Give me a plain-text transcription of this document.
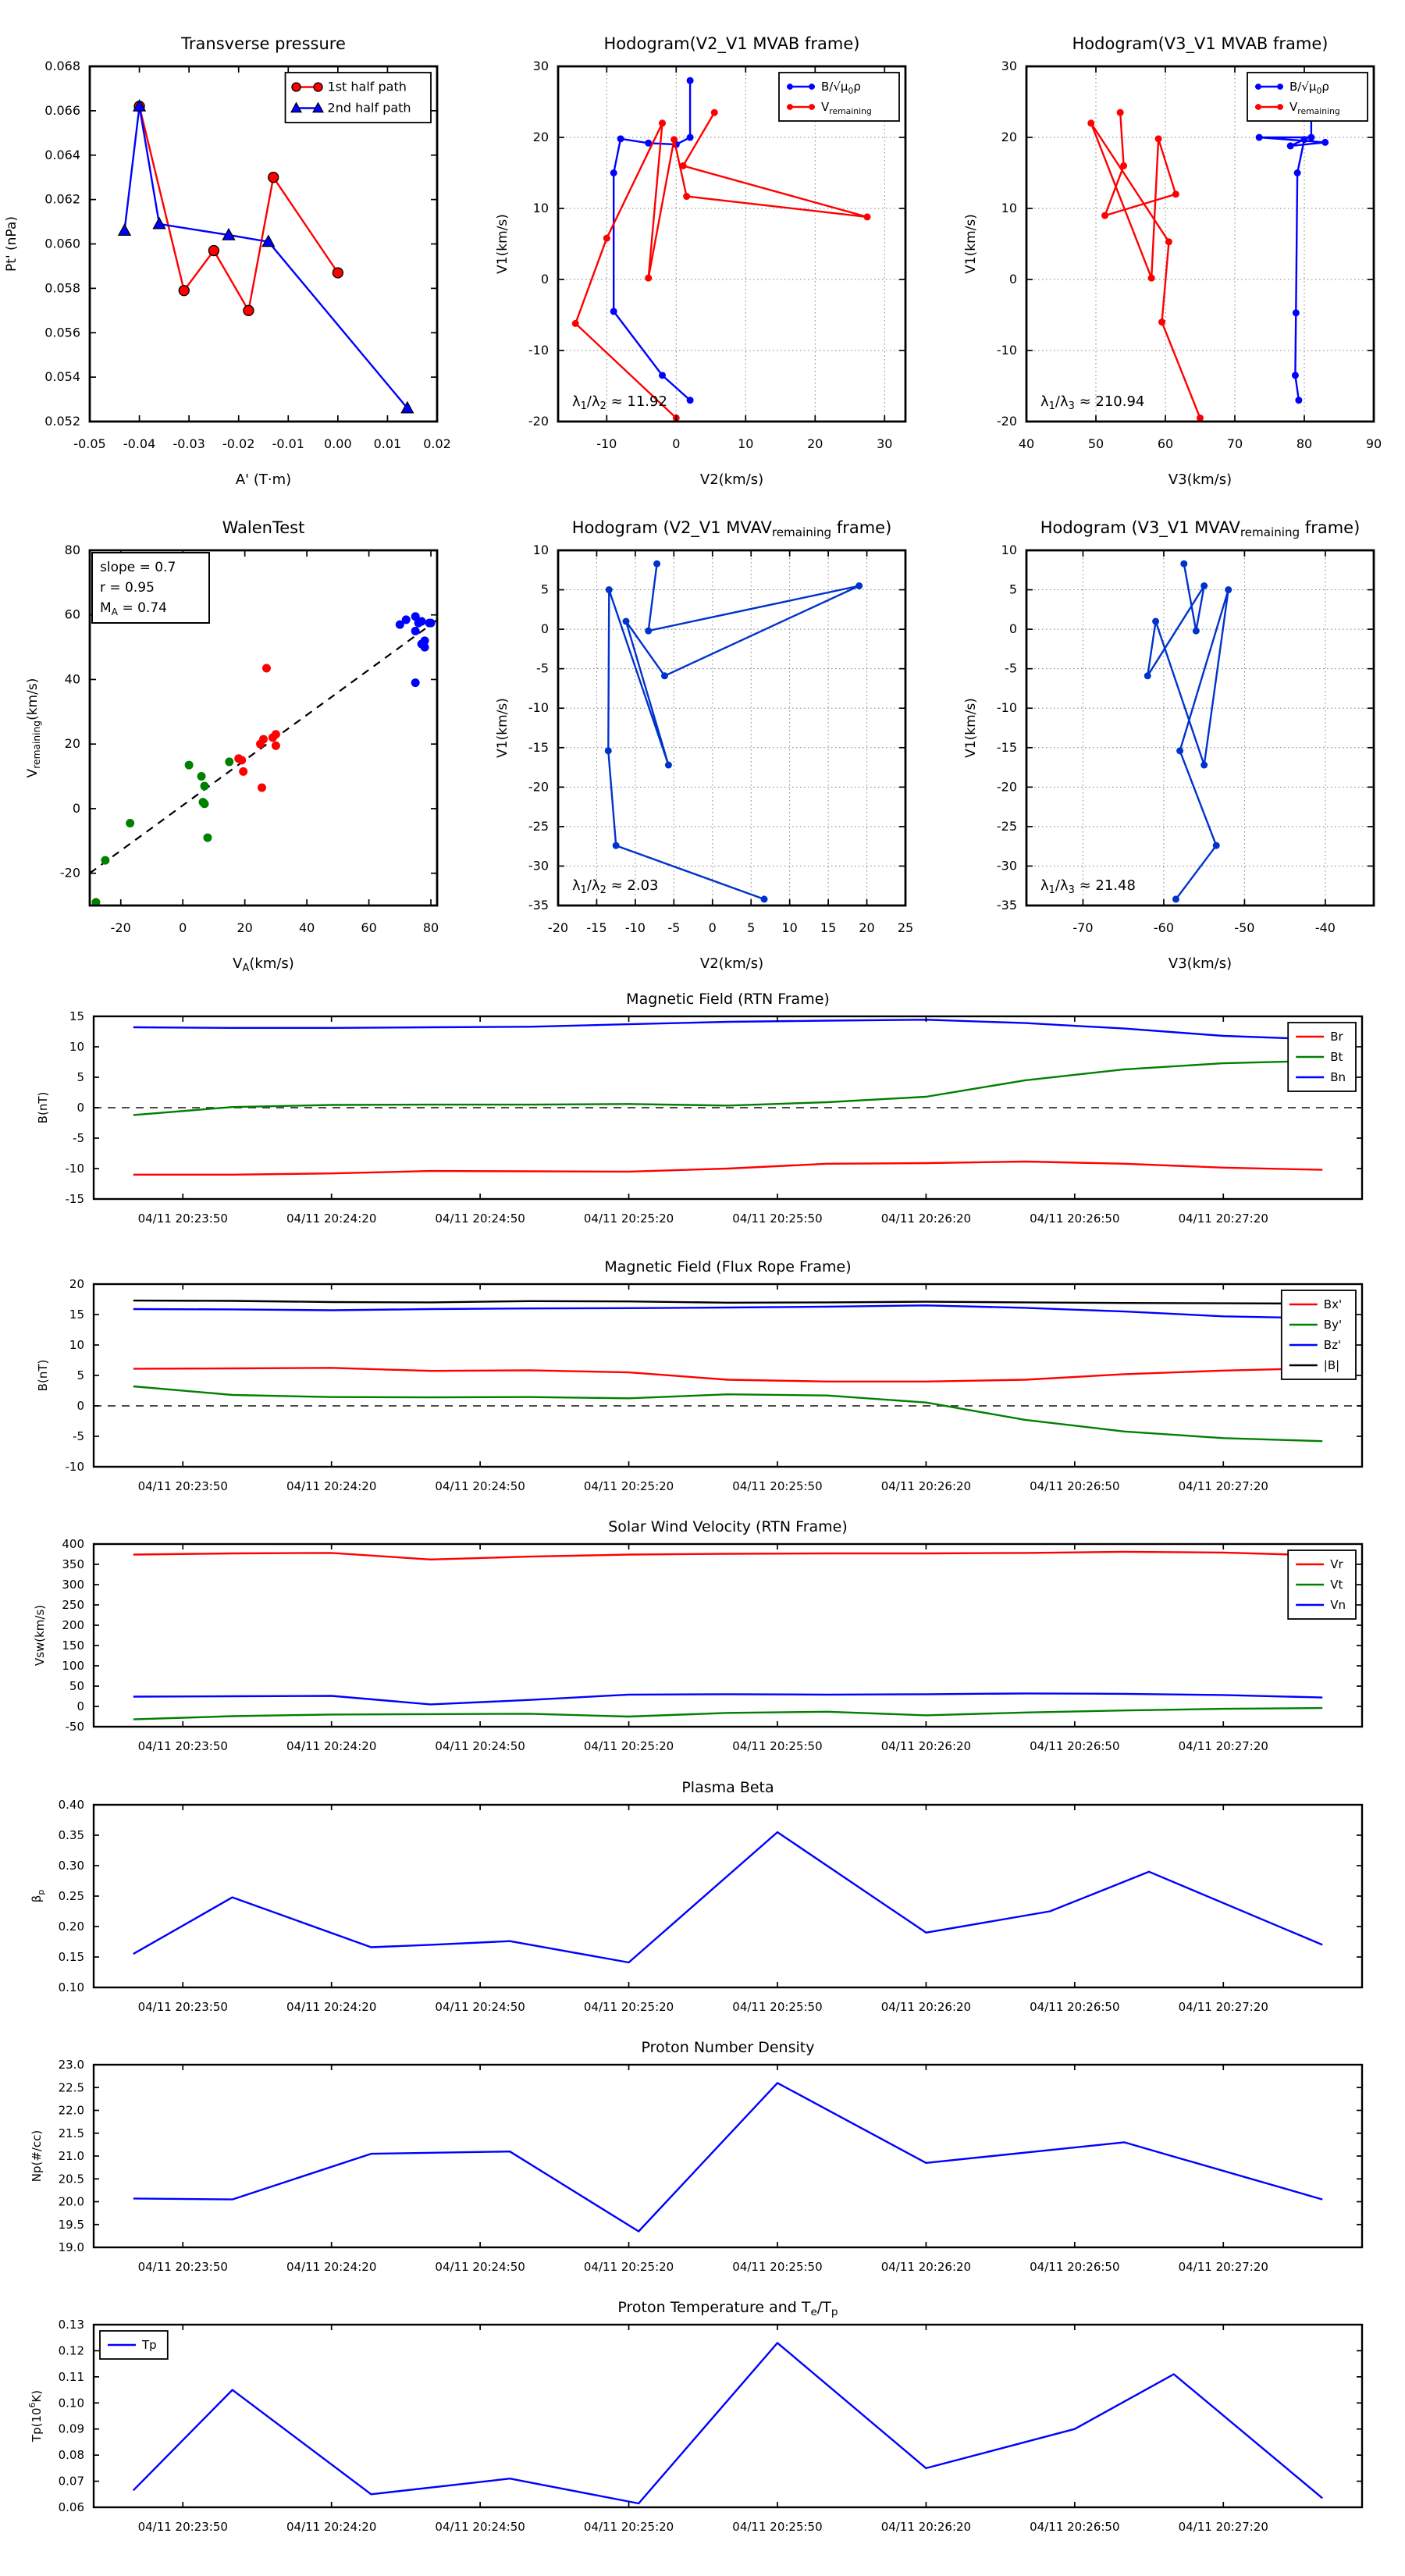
-0.05 -0.04 -0.03 -0.02 -0.01 0.00 0.01 0.02
0.052
0.054
0.056
0.058
0.060
0.062
0.064
0.066
0.068
Transverse pressure
A' (T·m)
Pt' (nPa)
1st half path
2nd half path
-10	0	10	20	30
-20
-10
0
10
20
30
Hodogram(V2_V1 MVAB frame)
V2(km/s)
V1(km/s)
$\lambda_1/\lambda_2 \approx 11.92$
$B/√\mu_0\rho$
$V_{remaining}$
40	50	60	70	80	90
-20
-10
0
10
20
30
Hodogram(V3_V1 MVAB frame)
V3(km/s)
V1(km/s)
$\lambda_1/\lambda_3 \approx 210.94$
$B/√\mu_0\rho$
$V_{remaining}$
-20	0	20	40	60	80
-20
0
20
40
60
80
WalenTest
$V_A(km/s)$
$V_{remaining}(km/s)$
slope = 0.7
r = 0.95
$M_A = 0.74$
-20 -15 -10 -5 0 5 10 15 20 25
10
5
0
-5
-10
-15
-20
-25
-30
-35
Hodogram (V2_V1 MVAVremaining frame)
V2(km/s)
V1(km/s)
$\lambda_1/\lambda_2 \approx 2.03$
-70	-60	-50	-40
10
5
0
-5
-10
-15
-20
-25
-30
-35
Hodogram (V3_V1 MVAVremaining frame)
V3(km/s)
V1(km/s)
$\lambda_1/\lambda_3 \approx 21.48$
04/11 20:23:50	04/11 20:24:20	04/11 20:24:50	04/11 20:25:20	04/11 20:25:50	04/11 20:26:20	04/11 20:26:50	04/11 20:27:20
15
10
5
0
-5
-10
-15
Magnetic Field (RTN Frame)
B(nT)
Br
Bt
Bn
04/11 20:23:50	04/11 20:24:20	04/11 20:24:50	04/11 20:25:20	04/11 20:25:50	04/11 20:26:20	04/11 20:26:50	04/11 20:27:20
20
15
10
5
0
-5
-10
Magnetic Field (Flux Rope Frame)
B(nT)
Bx'
By'
Bz'
|B|
04/11 20:23:50	04/11 20:24:20	04/11 20:24:50	04/11 20:25:20	04/11 20:25:50	04/11 20:26:20	04/11 20:26:50	04/11 20:27:20
400
350
300
250
200
150
100
50
0
-50
Solar Wind Velocity (RTN Frame)
Vsw(km/s)
Vr
Vt
Vn
04/11 20:23:50	04/11 20:24:20	04/11 20:24:50	04/11 20:25:20	04/11 20:25:50	04/11 20:26:20	04/11 20:26:50	04/11 20:27:20
0.40
0.35
0.30
0.25
0.20
0.15
0.10
Plasma Beta
$\beta_p$
04/11 20:23:50	04/11 20:24:20	04/11 20:24:50	04/11 20:25:20	04/11 20:25:50	04/11 20:26:20	04/11 20:26:50	04/11 20:27:20
23.0
22.5
22.0
21.5
21.0
20.5
20.0
19.5
19.0
Proton Number Density
Np(#/cc)
04/11 20:23:50	04/11 20:24:20	04/11 20:24:50	04/11 20:25:20	04/11 20:25:50	04/11 20:26:20	04/11 20:26:50	04/11 20:27:20
0.13
0.12
0.11
0.10
0.09
0.08
0.07
0.06
Proton Temperature and $T_e/T_p$
$Tp(10^6K)$
Tp
